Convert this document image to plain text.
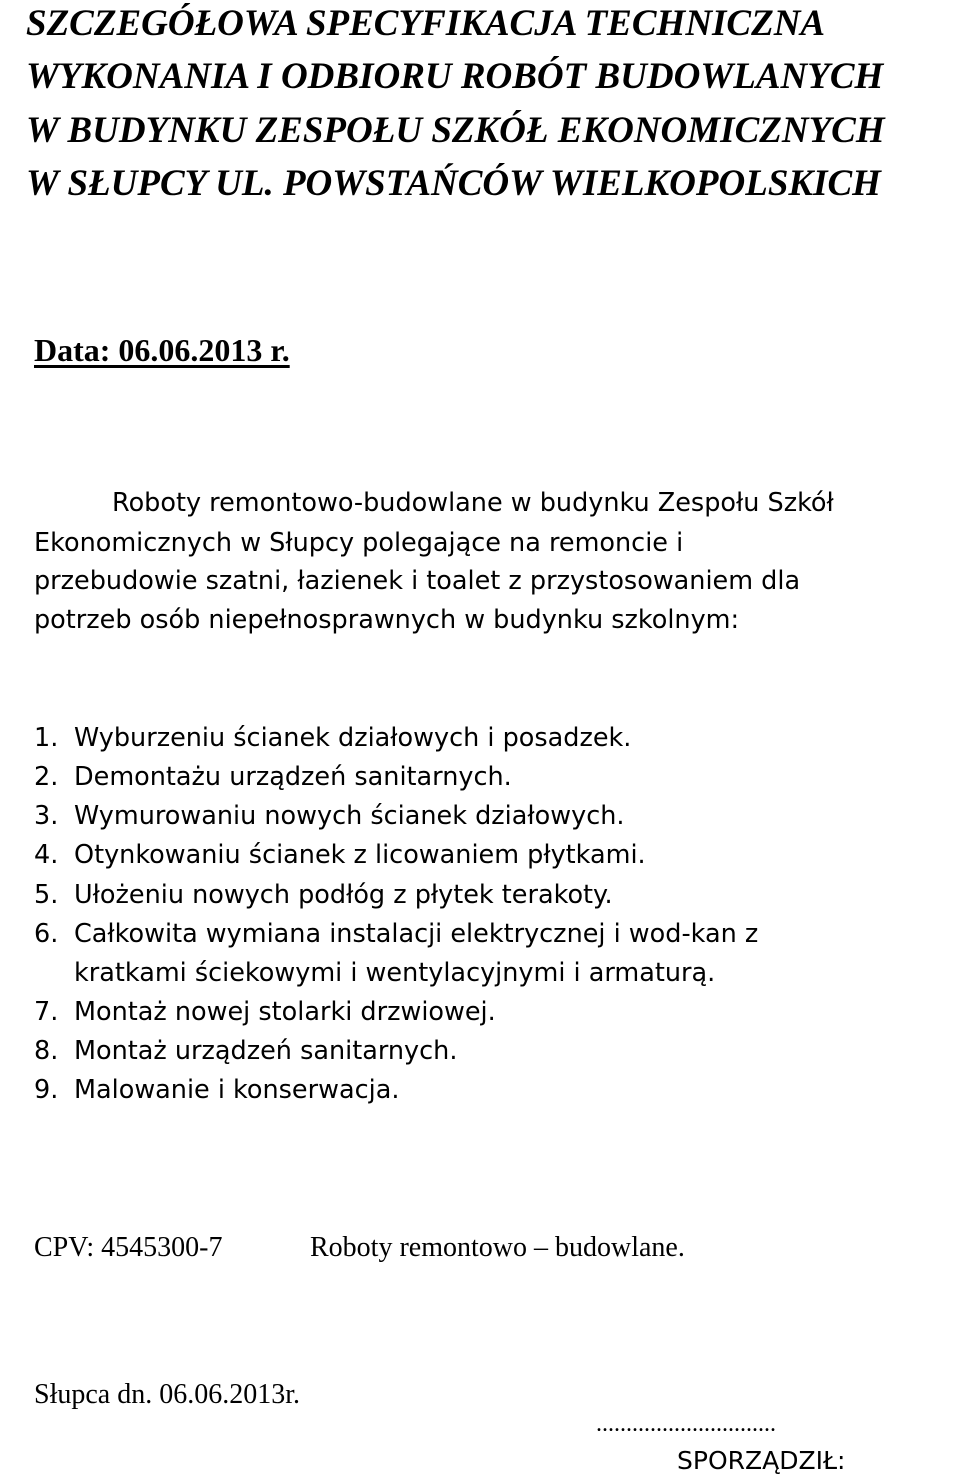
SZCZEGÓŁOWA SPECYFIKACJA TECHNICZNA
WYKONANIA I ODBIORU ROBÓT BUDOWLANYCH
W BUDYNKU ZESPOŁU SZKÓŁ EKONOMICZNYCH
W SŁUPCY UL. POWSTAŃCÓW WIELKOPOLSKICH
Data: 06.06.2013 r.
Roboty remontowo-budowlane w budynku Zespołu Szkół
Ekonomicznych w Słupcy polegające na remoncie i
przebudowie szatni, łazienek i toalet z przystosowaniem dla
potrzeb osób niepełnosprawnych w budynku szkolnym:
1. Wyburzeniu ścianek działowych i posadzek.
2. Demontażu urządzeń sanitarnych.
3. Wymurowaniu nowych ścianek działowych.
4. Otynkowaniu ścianek z licowaniem płytkami.
5. Ułożeniu nowych podłóg z płytek terakoty.
6. Całkowita wymiana instalacji elektrycznej i wod-kan z
kratkami ściekowymi i wentylacyjnymi i armaturą.
7. Montaż nowej stolarki drzwiowej.
8. Montaż urządzeń sanitarnych.
9. Malowanie i konserwacja.
CPV: 4545300-7	Roboty remontowo – budowlane.
Słupca dn. 06.06.2013r.
..............................
SPORZĄDZIŁ:
